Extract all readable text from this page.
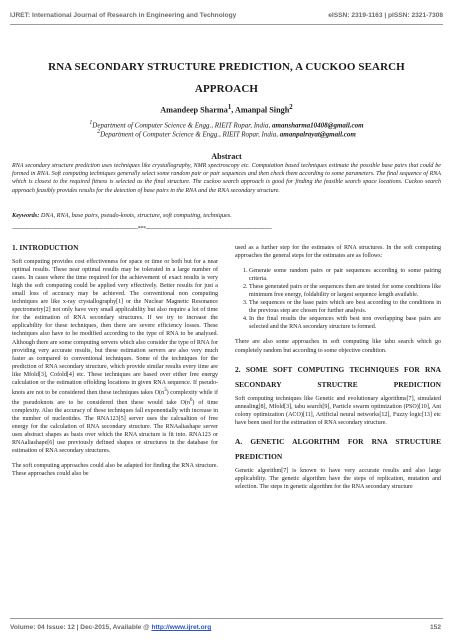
IJRET: International Journal of Research in Engineering and Technology	eISSN: 2319-1163 | pISSN: 2321-7308
RNA SECONDARY STRUCTURE PREDICTION, A CUCKOO SEARCH APPROACH
Amandeep Sharma$^1$, Amanpal Singh$^2$
$^1$Department of Computer Science & Engg., RIEIT Ropar, India, amansharma10408@gmail.com
$^2$Department of Computer Science & Engg., RIEIT Ropar, India, amanpalrayat@gmail.com
Abstract
RNA secondary structure prediction uses techniques like crystallography, NMR spectroscopy etc. Computation based techniques estimate the possible base pairs that could be formed in RNA. Soft computing techniques generally select some random pair or pair sequences and then check them according to some parameters. The final sequence of RNA which is closest to the required fitness is selected as the final structure. The cuckoo search approach is good for finding the feasible search space locations. Cuckoo search approach feasibly provides results for the detection of base pairs in the RNA and the RNA secondary structure.
Keywords: DNA, RNA, base pairs, pseudo-knots, structure, soft computing, techniques.
--------------------------------------------------------------------------***--------------------------------------------------------------------------
1. INTRODUCTION

Soft computing provides cost effectiveness for space or time or both but for a near optimal results. These near optimal results may be tolerated in a large number of cases. In cases where the time required for the achievement of exact results is very high the soft computing could be applied very effectively. Better results for just a small loss of accuracy may be achieved. The conventional non computing techniques are like x-ray crystallography[1] or the Nuclear Magnetic Resonance spectrometry[2] not only have very small applicability but also require a lot of time for the estimation of RNA secondary structures. If we try to increase the applicability for these techniques, then there are severe efficiency losses. These techniques also have to be modified according to the type of RNA to be analysed. Although there are some computing servers which also consider the type of RNA for providing very accurate results, but these estimation servers are also very much faster as compared to conventional techniques. Some of the techniques for the prediction of RNA secondary structure, which provide similar results every time are like Mfold[3], Cofold[4] etc. These techniques are based over either free energy calculation or the estimation offolding locations in given RNA sequence. If pseudo-knots are not to be considered then these techniques takes $O(n^3)$ complexity while if the pseudoknots are to be considered then these would take $O(n^6)$ of time complexity. Also the accuracy of these techniques fall exponentially with increase in the number of nucleotides. The RNA123[5] server uses the calcualtion of free energy for the calculation of RNA secondary structure. The RNAaliashape server uses abstract shapes as basis over which the RNA structure is fit into. RNA123 or RNAaliashape[6] use previously defined shapes or structures in the database for estimation of RNA secondary structures.

The soft computing approaches could also be adapted for finding the RNA structure. These approaches could also be

used as a further step for the estimates of RNA structures. In the soft computing approaches the general steps for the estimates are as follows:

1. Generate some random pairs or pair sequences according to some pairing criteria.
2. These generated pairs or the sequences then are tested for some conditions like minimum free energy, foldability or largest sequence length available.
3. The sequences or the base pairs which are best according to the conditions in the previous step are chosen for further analysis.
4. In the final results the sequences with best non overlapping base pairs are selected and the RNA secondary structure is formed.

There are also some approaches in soft computing like tabu search which go completely random but according to some objective condition.

2. SOME SOFT COMPUTING TECHNIQUES FOR RNA SECONDARY STRUCTRE PREDICTION

Soft computing techniques like Genetic and evolutionary algorithms[7], simulated annealing[8], Mfold[3], tabu search[9], Particle swarm optimization (PSO)[10], Ant colony optimization (ACO)[11], Artificial neural networks[12], Fuzzy logic[13] etc have been used for the estimation of RNA secondary structure.

A. GENETIC ALGORITHM FOR RNA STRUCTURE PREDICTION

Genetic algorithm[7] is known to have very accurate results and also large applicability. The genetic algorithm have the steps of replication, mutation and selection. The steps in genetic algorithm for the RNA secondary structure

Volume: 04 Issue: 12 | Dec-2015, Available @ http://www.ijret.org	152
